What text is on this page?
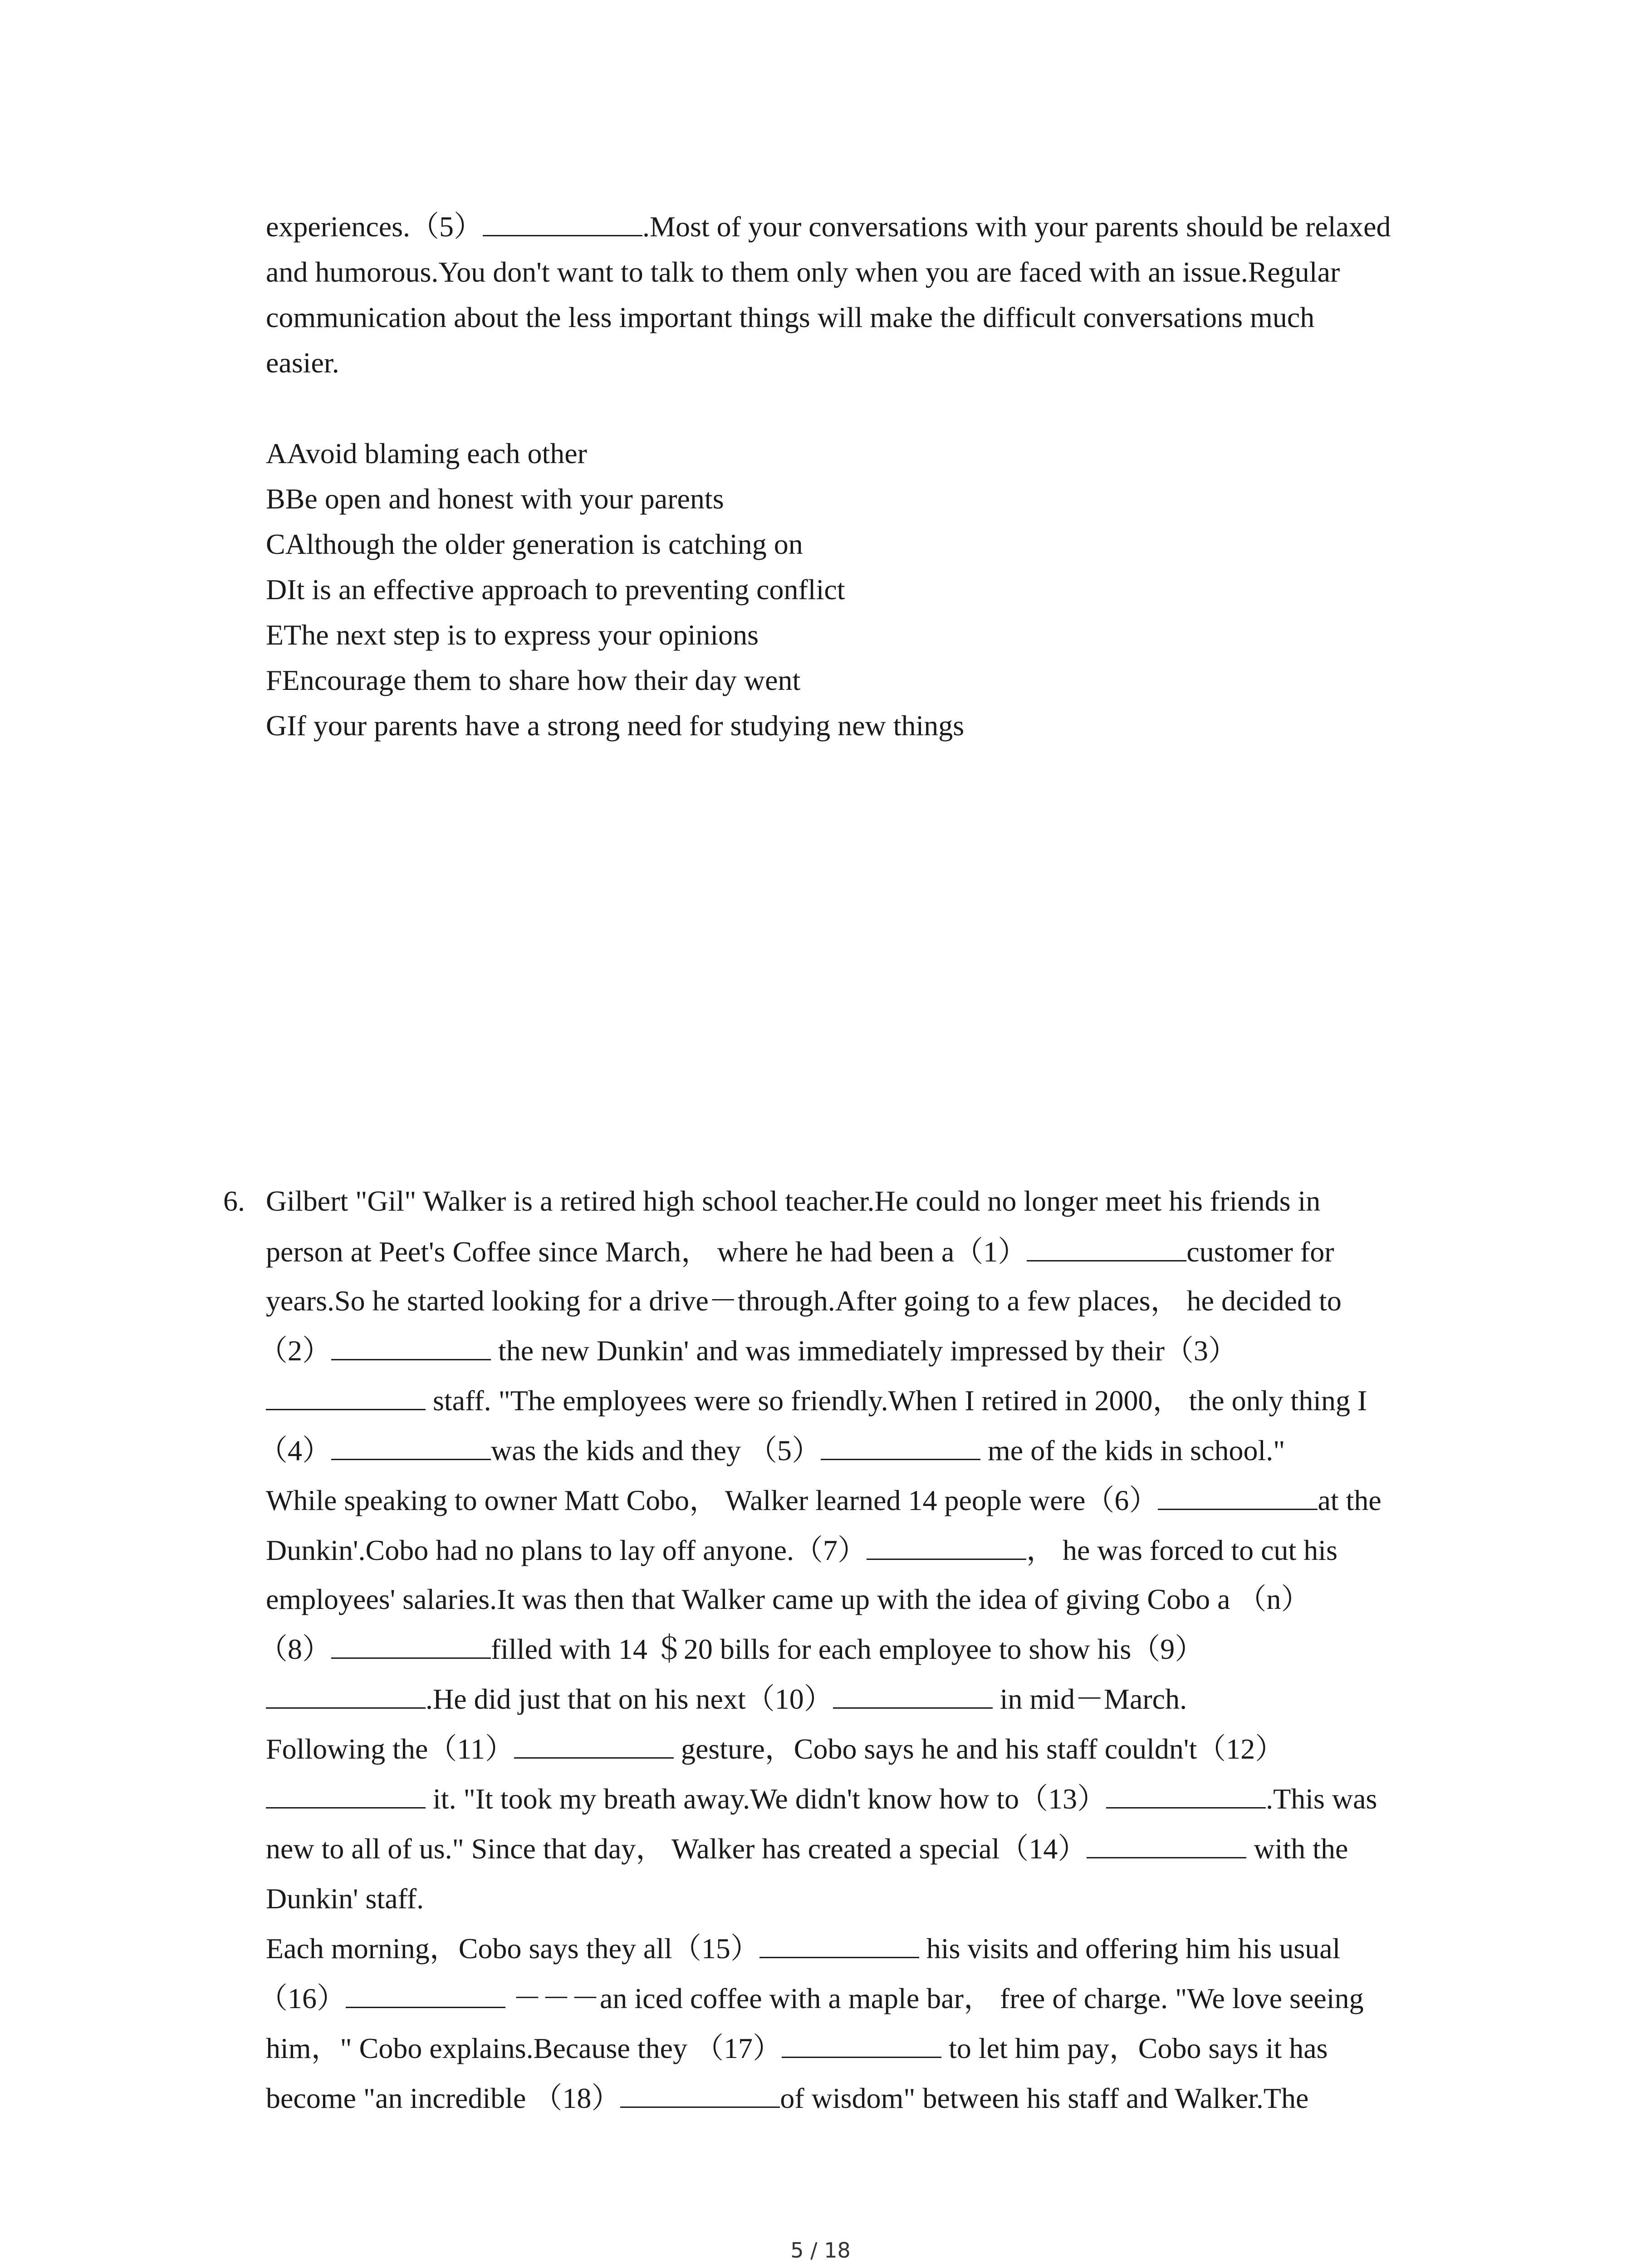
experiences.（5）	.Most of your conversations with your parents should be relaxed
and humorous.You don't want to talk to them only when you are faced with an issue.Regular
communication about the less important things will make the difficult conversations much
easier.
AAvoid blaming each other
BBe open and honest with your parents
CAlthough the older generation is catching on
DIt is an effective approach to preventing conflict
EThe next step is to express your opinions
FEncourage them to share how their day went
GIf your parents have a strong need for studying new things
6. Gilbert "Gil" Walker is a retired high school teacher.He could no longer meet his friends in
person at Peet's Coffee since March， where he had been a（1）	customer for
years.So he started looking for a drive－through.After going to a few places， he decided to
（2）	the new Dunkin' and was immediately impressed by their（3）
staff. "The employees were so friendly.When I retired in 2000， the only thing I
（4）	was the kids and they （5）	me of the kids in school."
While speaking to owner Matt Cobo， Walker learned 14 people were（6）	at the
Dunkin'.Cobo had no plans to lay off anyone.（7）	， he was forced to cut his
employees' salaries.It was then that Walker came up with the idea of giving Cobo a （n）
（8）	filled with 14 ＄20 bills for each employee to show his（9）
.He did just that on his next（10）	in mid－March.
Following the（11）	gesture，Cobo says he and his staff couldn't（12）
it. "It took my breath away.We didn't know how to（13）	.This was
new to all of us." Since that day， Walker has created a special（14）	with the
Dunkin' staff.
Each morning，Cobo says they all（15）	his visits and offering him his usual
（16）	－－－an iced coffee with a maple bar， free of charge. "We love seeing
him，" Cobo explains.Because they （17）	to let him pay，Cobo says it has
become "an incredible （18）	of wisdom" between his staff and Walker.The
5 / 18
